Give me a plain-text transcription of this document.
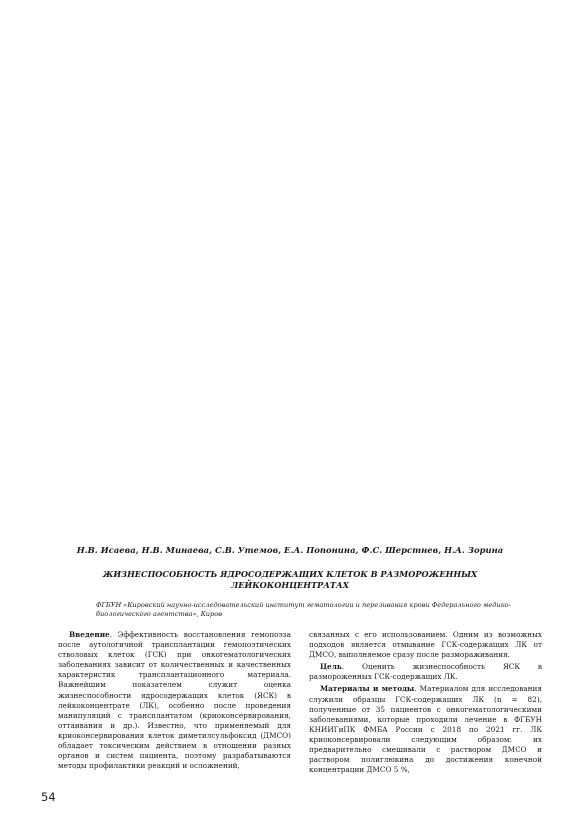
Н.В. Исаева, Н.В. Минаева, С.В. Утемов, Е.А. Попонина, Ф.С. Шерстнев, Н.А. Зорина
ЖИЗНЕСПОСОБНОСТЬ ЯДРОСОДЕРЖАЩИХ КЛЕТОК В РАЗМОРОЖЕННЫХ
ЛЕЙКОКОНЦЕНТРАТАХ
ФГБУН «Кировский научно-исследовательский институт гематологии и переливания крови Федерального медико-биологического агентства», Киров

Введение. Эффективность восстановления гемопоэза после аутологичной трансплантации гемопоэтических стволовых клеток (ГСК) при онкогематологических заболеваниях зависит от количественных и качественных характеристик трансплантационного материала. Важнейшим показателем служит оценка жизнеспособности ядросодержащих клеток (ЯСК) в лейкоконцентрате (ЛК), особенно после проведения манипуляций с трансплантатом (криоконсервирования, оттаивания и др.). Известно, что применяемый для криоконсервирования клеток диметилсульфоксид (ДМСО) обладает токсическим действием в отношении разных органов и систем пациента, поэтому разрабатываются методы профилактики реакций и осложнений,

связанных с его использованием. Одним из возможных подходов является отмывание ГСК-содержащих ЛК от ДМСО, выполняемое сразу после размораживания.

Цель. Оценить жизнеспособность ЯСК в размороженных ГСК-содержащих ЛК.

Материалы и методы. Материалом для исследования служили образцы ГСК-содержащих ЛК (n = 82), полученные от 35 пациентов с онкогематологическими заболеваниями, которые проходили лечение в ФГБУН КНИИГиПК ФМБА России с 2018 по 2021 гг. ЛК криоконсервировали следующим образом: их предварительно смешивали с раствором ДМСО и раствором полиглюкина до достижения конечной концентрации ДМСО 5 %,

54
